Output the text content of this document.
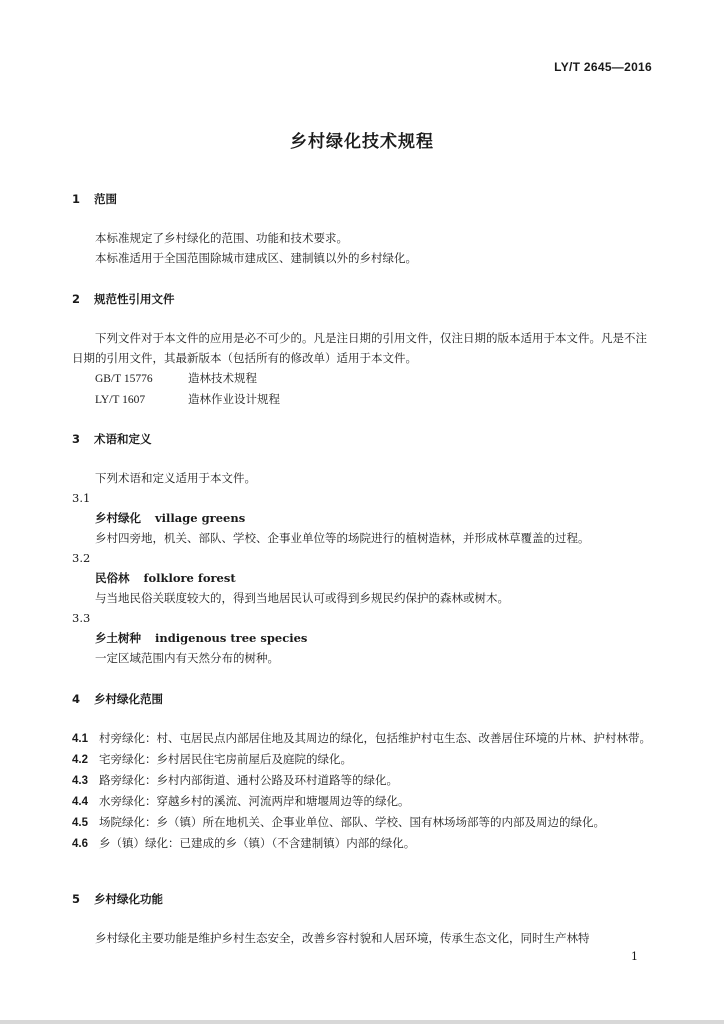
LY/T 2645—2016
乡村绿化技术规程
1 范围
本标准规定了乡村绿化的范围、功能和技术要求。
本标准适用于全国范围除城市建成区、建制镇以外的乡村绿化。
2 规范性引用文件
下列文件对于本文件的应用是必不可少的。凡是注日期的引用文件，仅注日期的版本适用于本文件。凡是不注日期的引用文件，其最新版本（包括所有的修改单）适用于本文件。
GB/T 15776	造林技术规程
LY/T 1607	造林作业设计规程
3 术语和定义
下列术语和定义适用于本文件。
3.1
乡村绿化 village greens
乡村四旁地，机关、部队、学校、企事业单位等的场院进行的植树造林，并形成林草覆盖的过程。
3.2
民俗林 folklore forest
与当地民俗关联度较大的，得到当地居民认可或得到乡规民约保护的森林或树木。
3.3
乡土树种 indigenous tree species
一定区域范围内有天然分布的树种。
4 乡村绿化范围
4.1 村旁绿化：村、屯居民点内部居住地及其周边的绿化，包括维护村屯生态、改善居住环境的片林、护村林带。
4.2 宅旁绿化：乡村居民住宅房前屋后及庭院的绿化。
4.3 路旁绿化：乡村内部街道、通村公路及环村道路等的绿化。
4.4 水旁绿化：穿越乡村的溪流、河流两岸和塘堰周边等的绿化。
4.5 场院绿化：乡（镇）所在地机关、企事业单位、部队、学校、国有林场场部等的内部及周边的绿化。
4.6 乡（镇）绿化：已建成的乡（镇）（不含建制镇）内部的绿化。
5 乡村绿化功能
乡村绿化主要功能是维护乡村生态安全，改善乡容村貌和人居环境，传承生态文化，同时生产林特
1
